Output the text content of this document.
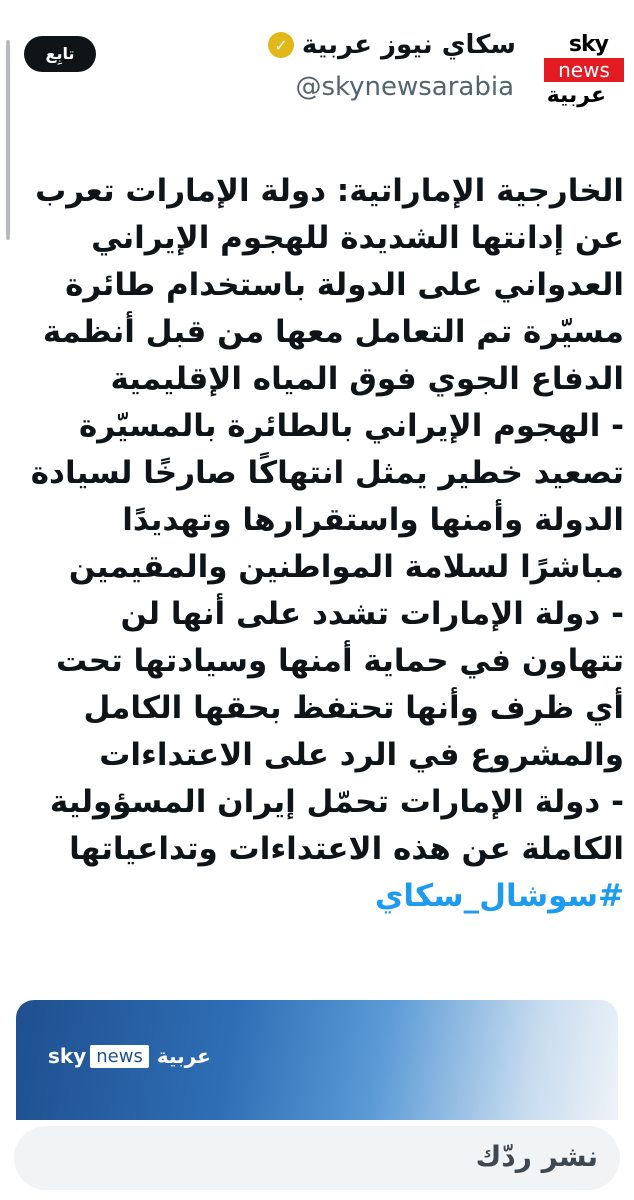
sky
news
عربية
سكاي نيوز عربية
✓
@skynewsarabia
تابِع

الخارجية الإماراتية: دولة الإمارات تعرب عن إدانتها الشديدة للهجوم الإيراني العدواني على الدولة باستخدام طائرة مسيّرة تم التعامل معها من قبل أنظمة الدفاع الجوي فوق المياه الإقليمية

- الهجوم الإيراني بالطائرة بالمسيّرة تصعيد خطير يمثل انتهاكًا صارخًا لسيادة الدولة وأمنها واستقرارها وتهديدًا مباشرًا لسلامة المواطنين والمقيمين

- دولة الإمارات تشدد على أنها لن تتهاون في حماية أمنها وسيادتها تحت أي ظرف وأنها تحتفظ بحقها الكامل والمشروع في الرد على الاعتداءات

- دولة الإمارات تحمّل إيران المسؤولية الكاملة عن هذه الاعتداءات وتداعياتها

#سوشال_سكاي

sky news عربية
نشر ردّك
